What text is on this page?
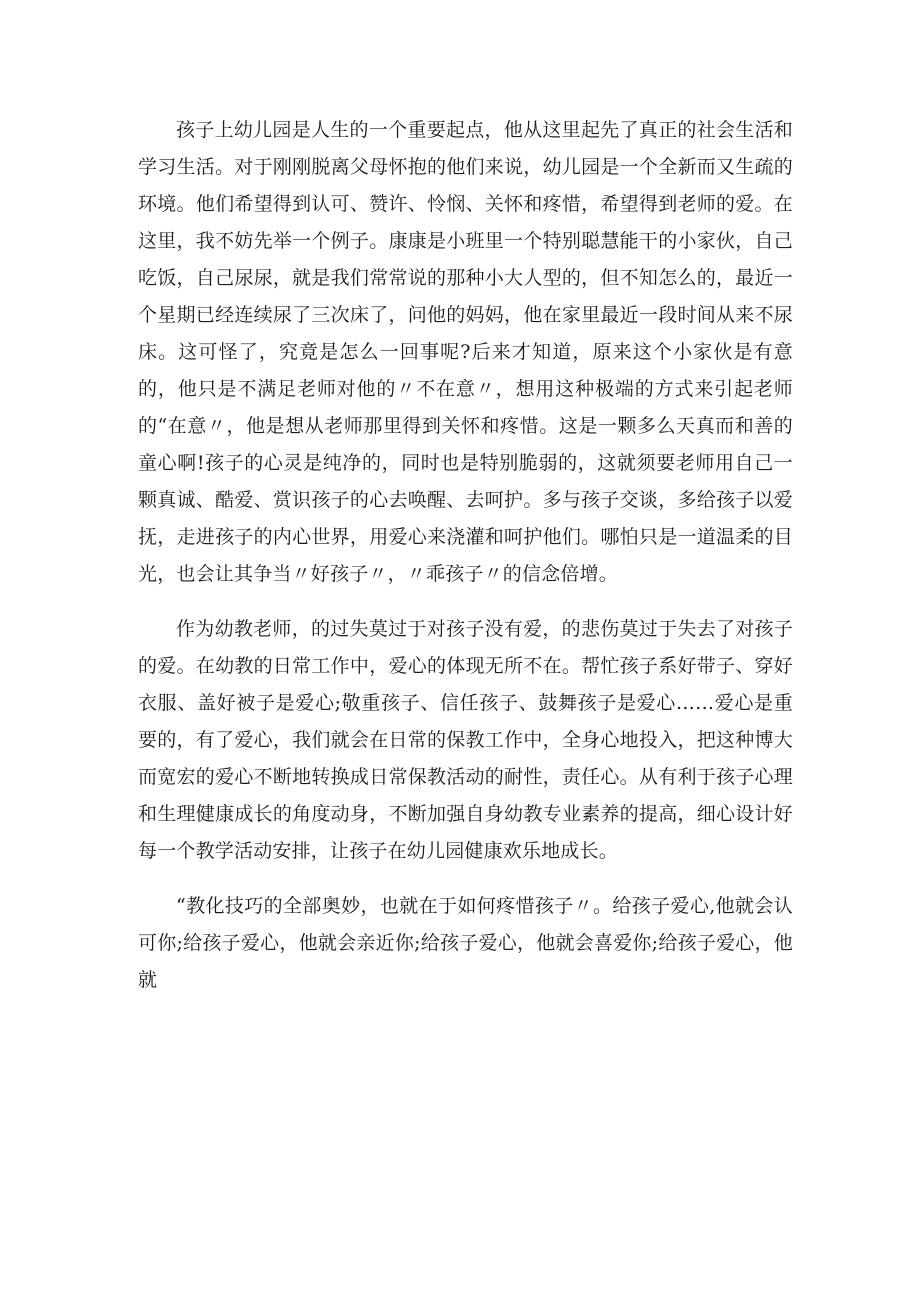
孩子上幼儿园是人生的一个重要起点，他从这里起先了真正的社会生活和学习生活。对于刚刚脱离父母怀抱的他们来说，幼儿园是一个全新而又生疏的环境。他们希望得到认可、赞许、怜悯、关怀和疼惜，希望得到老师的爱。在这里，我不妨先举一个例子。康康是小班里一个特别聪慧能干的小家伙，自己吃饭，自己尿尿，就是我们常常说的那种小大人型的，但不知怎么的，最近一个星期已经连续尿了三次床了，问他的妈妈，他在家里最近一段时间从来不尿床。这可怪了，究竟是怎么一回事呢?后来才知道，原来这个小家伙是有意的，他只是不满足老师对他的〃不在意〃，想用这种极端的方式来引起老师的“在意〃，他是想从老师那里得到关怀和疼惜。这是一颗多么天真而和善的童心啊!孩子的心灵是纯净的，同时也是特别脆弱的，这就须要老师用自己一颗真诚、酷爱、赏识孩子的心去唤醒、去呵护。多与孩子交谈，多给孩子以爱抚，走进孩子的内心世界，用爱心来浇灌和呵护他们。哪怕只是一道温柔的目光，也会让其争当〃好孩子〃，〃乖孩子〃的信念倍增。

作为幼教老师，的过失莫过于对孩子没有爱，的悲伤莫过于失去了对孩子的爱。在幼教的日常工作中，爱心的体现无所不在。帮忙孩子系好带子、穿好衣服、盖好被子是爱心;敬重孩子、信任孩子、鼓舞孩子是爱心……爱心是重要的，有了爱心，我们就会在日常的保教工作中，全身心地投入，把这种博大而宽宏的爱心不断地转换成日常保教活动的耐性，责任心。从有利于孩子心理和生理健康成长的角度动身，不断加强自身幼教专业素养的提高，细心设计好每一个教学活动安排，让孩子在幼儿园健康欢乐地成长。

“教化技巧的全部奥妙，也就在于如何疼惜孩子〃。给孩子爱心,他就会认可你;给孩子爱心，他就会亲近你;给孩子爱心，他就会喜爱你;给孩子爱心，他就
